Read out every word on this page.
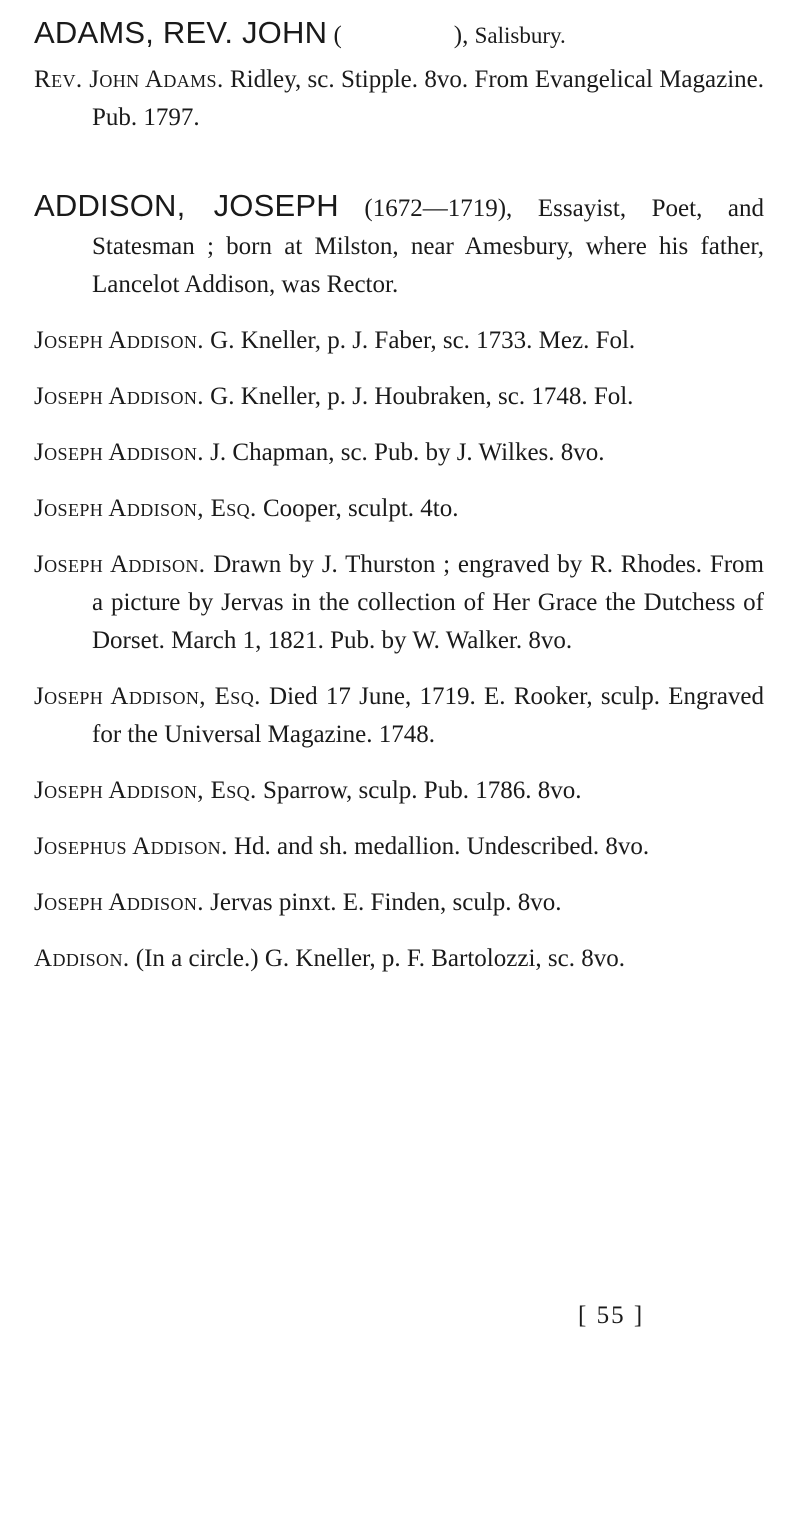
ADAMS, REV. JOHN (	), Salisbury.

Rev. John Adams. Ridley, sc. Stipple. 8vo. From Evangelical Magazine. Pub. 1797.

ADDISON, JOSEPH (1672—1719), Essayist, Poet, and Statesman ; born at Milston, near Amesbury, where his father, Lancelot Addison, was Rector.

Joseph Addison. G. Kneller, p. J. Faber, sc. 1733. Mez. Fol.

Joseph Addison. G. Kneller, p. J. Houbraken, sc. 1748. Fol.

Joseph Addison. J. Chapman, sc. Pub. by J. Wilkes. 8vo.

Joseph Addison, Esq. Cooper, sculpt. 4to.

Joseph Addison. Drawn by J. Thurston ; engraved by R. Rhodes. From a picture by Jervas in the collection of Her Grace the Dutchess of Dorset. March 1, 1821. Pub. by W. Walker. 8vo.

Joseph Addison, Esq. Died 17 June, 1719. E. Rooker, sculp. Engraved for the Universal Magazine. 1748.

Joseph Addison, Esq. Sparrow, sculp. Pub. 1786. 8vo.

Josephus Addison. Hd. and sh. medallion. Undescribed. 8vo.

Joseph Addison. Jervas pinxt. E. Finden, sculp. 8vo.

Addison. (In a circle.) G. Kneller, p. F. Bartolozzi, sc. 8vo.

[ 55 ]
